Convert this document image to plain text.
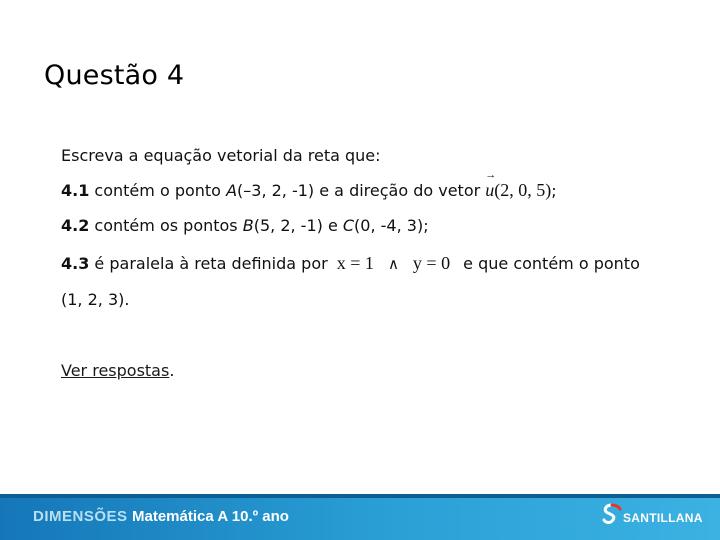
Questão 4
Escreva a equação vetorial da reta que:
4.1 contém o ponto A(–3, 2, -1) e a direção do vetor
→
u(2, 0, 5);
4.2 contém os pontos B(5, 2, -1) e C(0, -4, 3);
4.3 é paralela à reta definida por x = 1 ∧ y = 0 e que contém o ponto
(1, 2, 3).
Ver respostas.
DIMENSÕES Matemática A 10.º ano	SANTILLANA
